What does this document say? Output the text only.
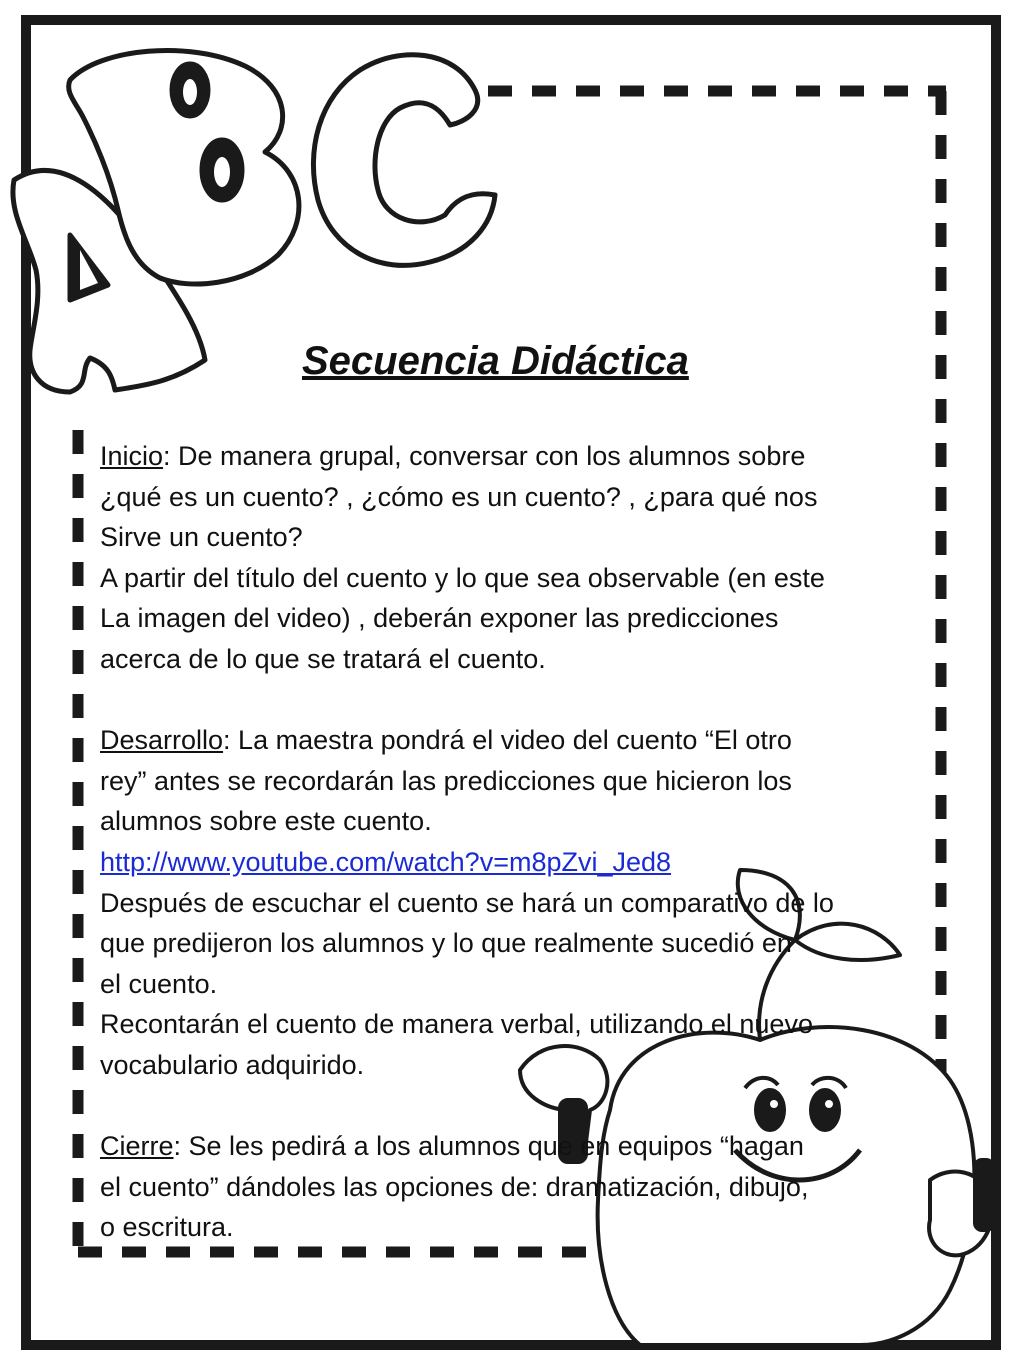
Secuencia Didáctica
Inicio: De manera grupal, conversar con los alumnos sobre
¿qué es un cuento? , ¿cómo es un cuento? , ¿para qué nos
Sirve un cuento?
A partir del título del cuento y lo que sea observable (en este
La imagen del video) , deberán exponer las predicciones
acerca de lo que se tratará el cuento.
Desarrollo: La maestra pondrá el video del cuento “El otro
rey” antes se recordarán las predicciones que hicieron los
alumnos sobre este cuento.
http://www.youtube.com/watch?v=m8pZvi_Jed8
Después de escuchar el cuento se hará un comparativo de lo
que predijeron los alumnos y lo que realmente sucedió en
el cuento.
Recontarán el cuento de manera verbal, utilizando el nuevo
vocabulario adquirido.
Cierre: Se les pedirá a los alumnos que en equipos “hagan
el cuento” dándoles las opciones de: dramatización, dibujo,
o escritura.
